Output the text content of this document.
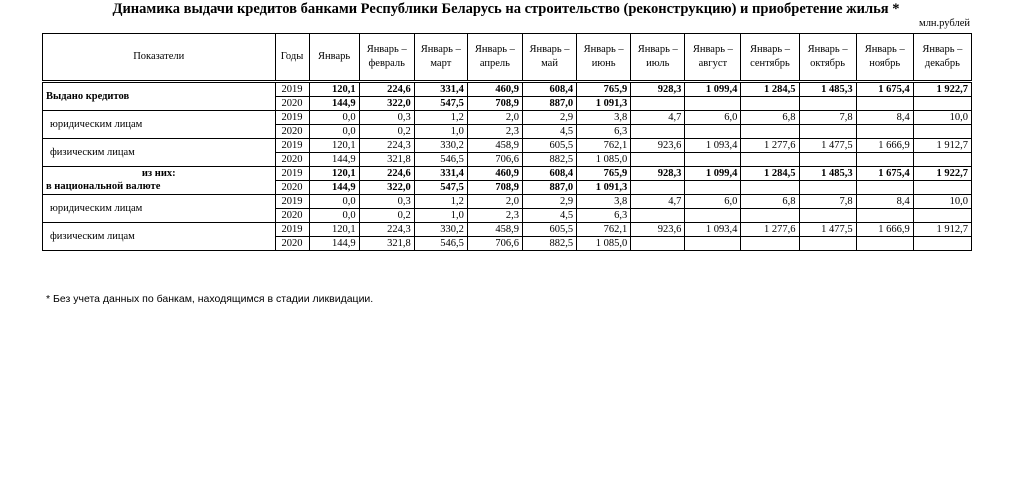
Динамика выдачи кредитов банками Республики Беларусь на строительство (реконструкцию) и приобретение жилья *
млн.рублей
Показатели	Годы	Январь	Январь – февраль	Январь – март	Январь – апрель	Январь – май	Январь – июнь	Январь – июль	Январь – август	Январь – сентябрь	Январь – октябрь	Январь – ноябрь	Январь – декабрь
Выдано кредитов	2019	120,1	224,6	331,4	460,9	608,4	765,9	928,3	1 099,4	1 284,5	1 485,3	1 675,4	1 922,7
	2020	144,9	322,0	547,5	708,9	887,0	1 091,3						
юридическим лицам	2019	0,0	0,3	1,2	2,0	2,9	3,8	4,7	6,0	6,8	7,8	8,4	10,0
	2020	0,0	0,2	1,0	2,3	4,5	6,3						
физическим лицам	2019	120,1	224,3	330,2	458,9	605,5	762,1	923,6	1 093,4	1 277,6	1 477,5	1 666,9	1 912,7
	2020	144,9	321,8	546,5	706,6	882,5	1 085,0						

из них:
в национальной валюте	2019	120,1	224,6	331,4	460,9	608,4	765,9	928,3	1 099,4	1 284,5	1 485,3	1 675,4	1 922,7
	2020	144,9	322,0	547,5	708,9	887,0	1 091,3						
юридическим лицам	2019	0,0	0,3	1,2	2,0	2,9	3,8	4,7	6,0	6,8	7,8	8,4	10,0
	2020	0,0	0,2	1,0	2,3	4,5	6,3						
физическим лицам	2019	120,1	224,3	330,2	458,9	605,5	762,1	923,6	1 093,4	1 277,6	1 477,5	1 666,9	1 912,7
	2020	144,9	321,8	546,5	706,6	882,5	1 085,0						
* Без учета данных по банкам, находящимся в стадии ликвидации.
